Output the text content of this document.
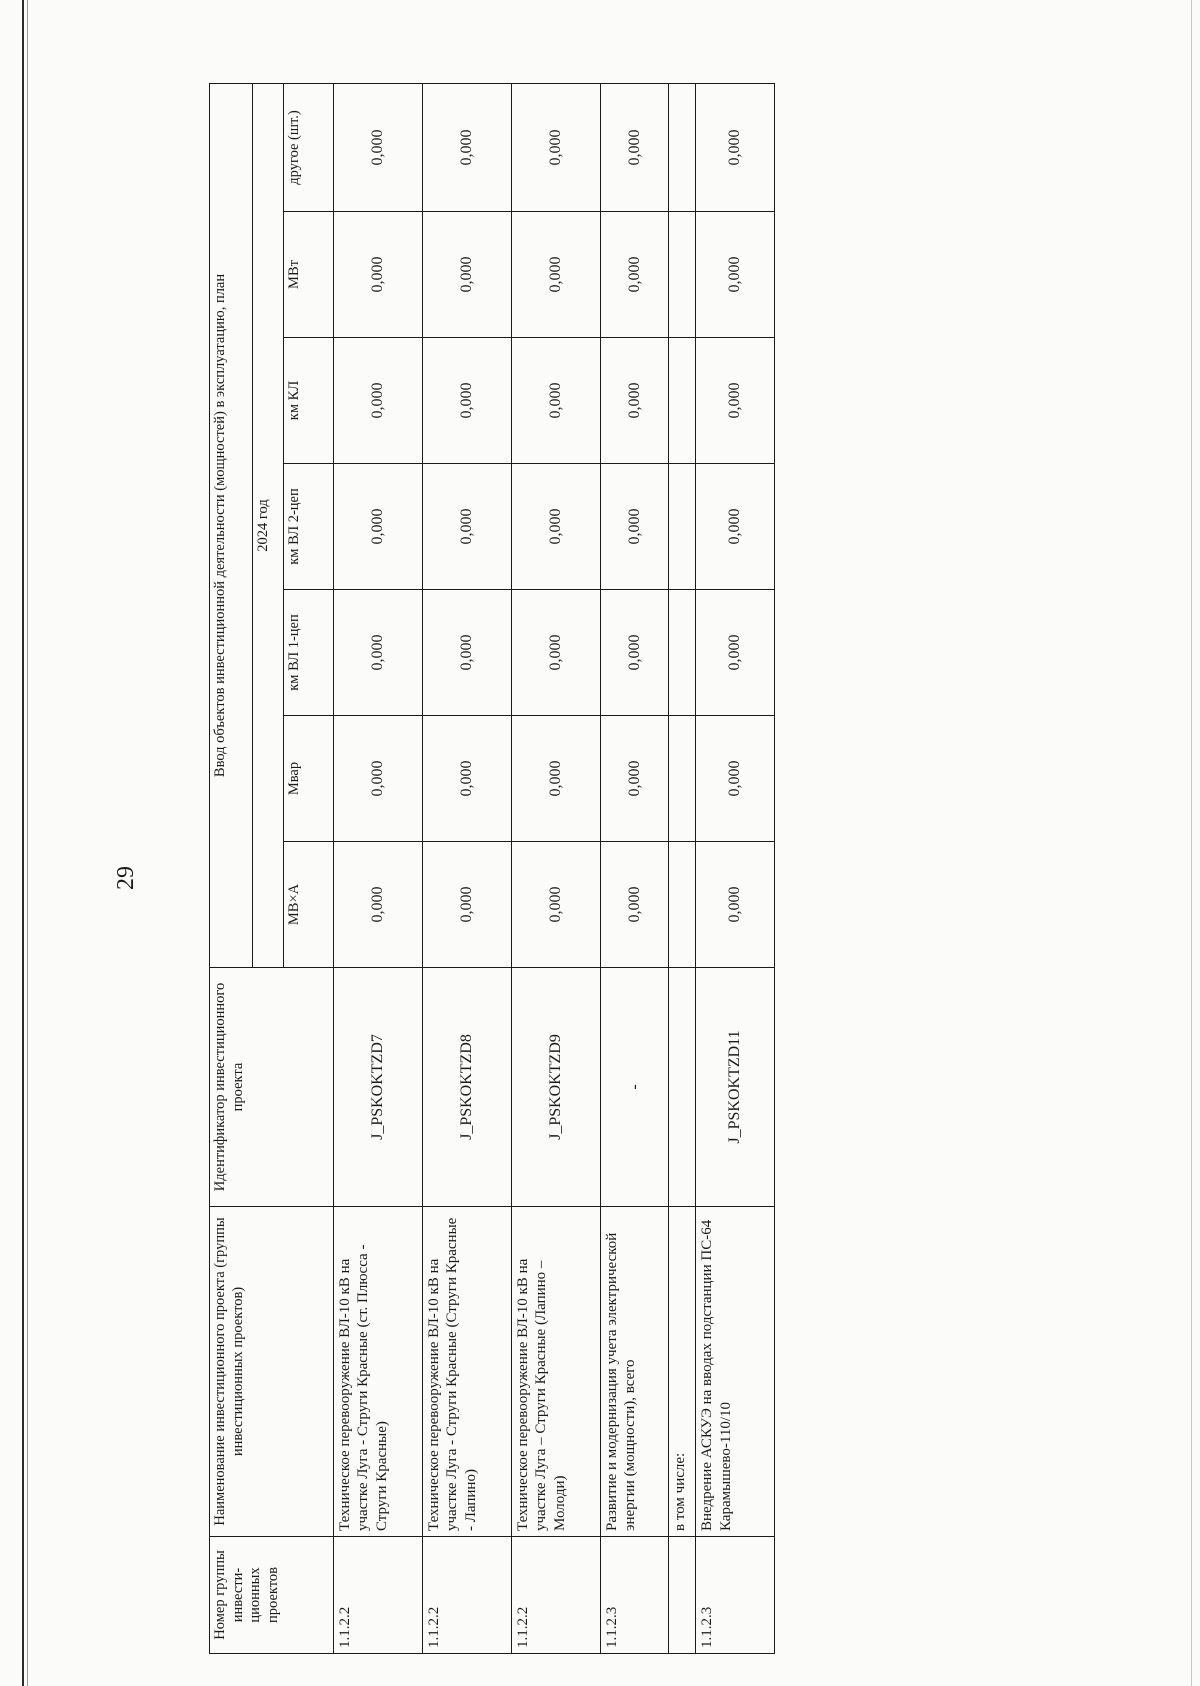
29
Номер группы инвести-ционных проектов	Наименование инвестиционного проекта (группы инвестиционных проектов)	Идентификатор инвестиционного проекта	Ввод объектов инвестиционной деятельности (мощностей) в эксплуатацию, план						
			2024 год						
			МВ×А	Мвар	км ВЛ 1-цеп	км ВЛ 2-цеп	км КЛ	МВт	другое (шт.)
1.1.2.2	Техническое перевооружение ВЛ-10 кВ на участке Луга - Струги Красные (ст. Плюсса - Струги Красные)	J_PSKOKTZD7	0,000	0,000	0,000	0,000	0,000	0,000	0,000
1.1.2.2	Техническое перевооружение ВЛ-10 кВ на участке Луга - Струги Красные (Струги Красные - Лапино)	J_PSKOKTZD8	0,000	0,000	0,000	0,000	0,000	0,000	0,000
1.1.2.2	Техническое перевооружение ВЛ-10 кВ на участке Луга – Струги Красные (Лапино – Молоди)	J_PSKOKTZD9	0,000	0,000	0,000	0,000	0,000	0,000	0,000
1.1.2.3	Развитие и модернизация учета электрической энергии (мощности), всего	-	0,000	0,000	0,000	0,000	0,000	0,000	0,000
	в том числе:								
1.1.2.3	Внедрение АСКУЭ на вводах подстанции ПС-64 Карамышево-110/10	J_PSKOKTZD11	0,000	0,000	0,000	0,000	0,000	0,000	0,000
